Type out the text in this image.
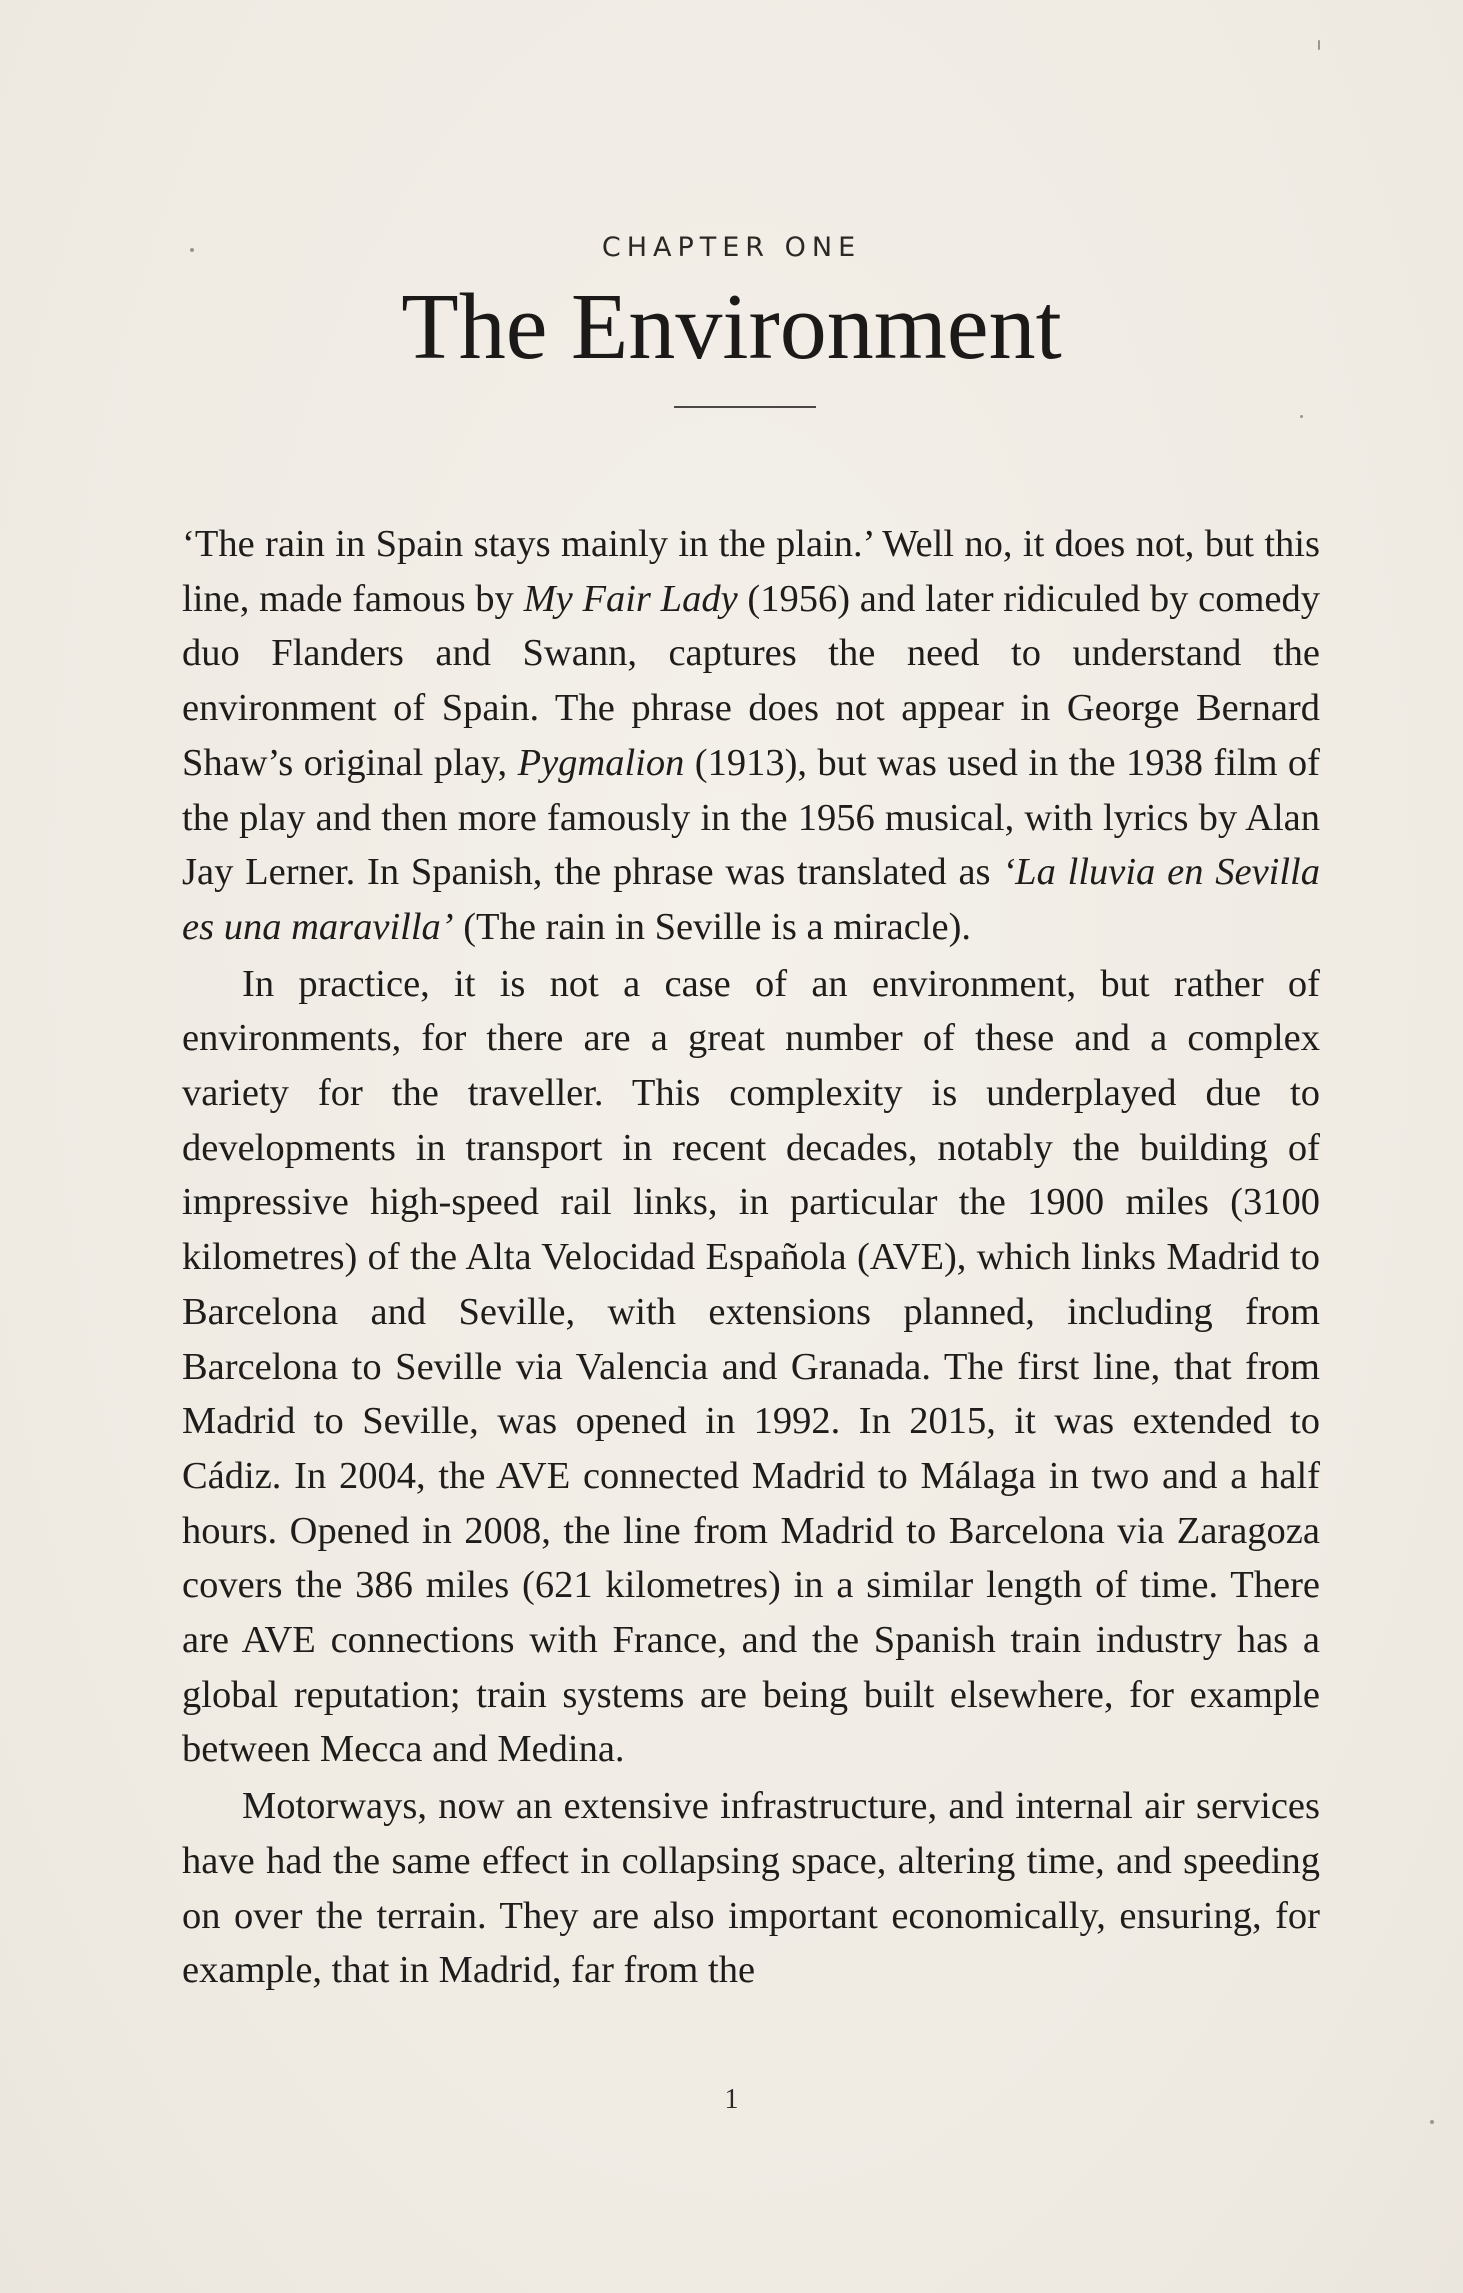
CHAPTER ONE
The Environment

‘The rain in Spain stays mainly in the plain.’ Well no, it does not, but this line, made famous by My Fair Lady (1956) and later ridiculed by comedy duo Flanders and Swann, captures the need to understand the environment of Spain. The phrase does not appear in George Bernard Shaw’s original play, Pygmalion (1913), but was used in the 1938 film of the play and then more famously in the 1956 musical, with lyrics by Alan Jay Lerner. In Spanish, the phrase was translated as ‘La lluvia en Sevilla es una maravilla’ (The rain in Seville is a miracle).

In practice, it is not a case of an environment, but rather of environments, for there are a great number of these and a complex variety for the traveller. This complexity is underplayed due to developments in transport in recent decades, notably the building of impressive high-speed rail links, in particular the 1900 miles (3100 kilometres) of the Alta Velocidad Española (AVE), which links Madrid to Barcelona and Seville, with extensions planned, including from Barcelona to Seville via Valencia and Granada. The first line, that from Madrid to Seville, was opened in 1992. In 2015, it was extended to Cádiz. In 2004, the AVE connected Madrid to Málaga in two and a half hours. Opened in 2008, the line from Madrid to Barcelona via Zaragoza covers the 386 miles (621 kilometres) in a similar length of time. There are AVE connections with France, and the Spanish train industry has a global reputation; train systems are being built elsewhere, for example between Mecca and Medina.

Motorways, now an extensive infrastructure, and internal air services have had the same effect in collapsing space, altering time, and speeding on over the terrain. They are also important economically, ensuring, for example, that in Madrid, far from the

1
